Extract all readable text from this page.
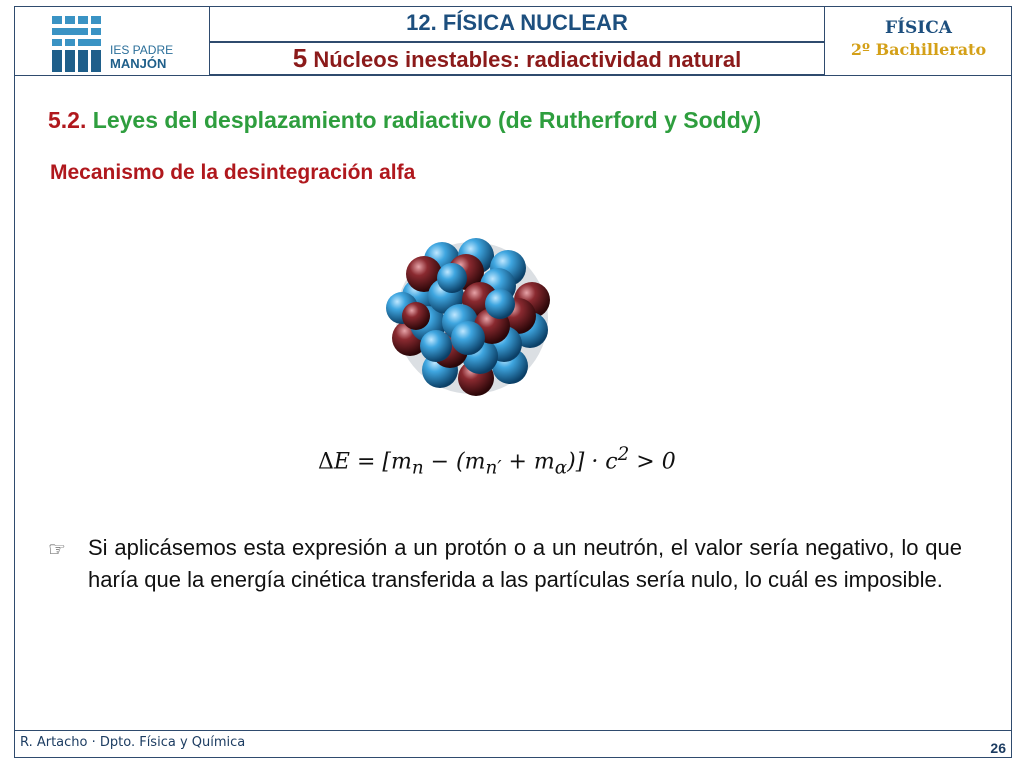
IES PADRE
MANJÓN
12. FÍSICA NUCLEAR
5 Núcleos inestables: radiactividad natural
FÍSICA
2º Bachillerato
5.2. Leyes del desplazamiento radiactivo (de Rutherford y Soddy)
Mecanismo de la desintegración alfa
$\Delta E = [m_n - (m_{n'} + m_\alpha)] \cdot c^2 > 0$
☞ Si aplicásemos esta expresión a un protón o a un neutrón, el valor sería negativo, lo que haría que la energía cinética transferida a las partículas sería nulo, lo cuál es imposible.
R. Artacho · Dpto. Física y Química	26
